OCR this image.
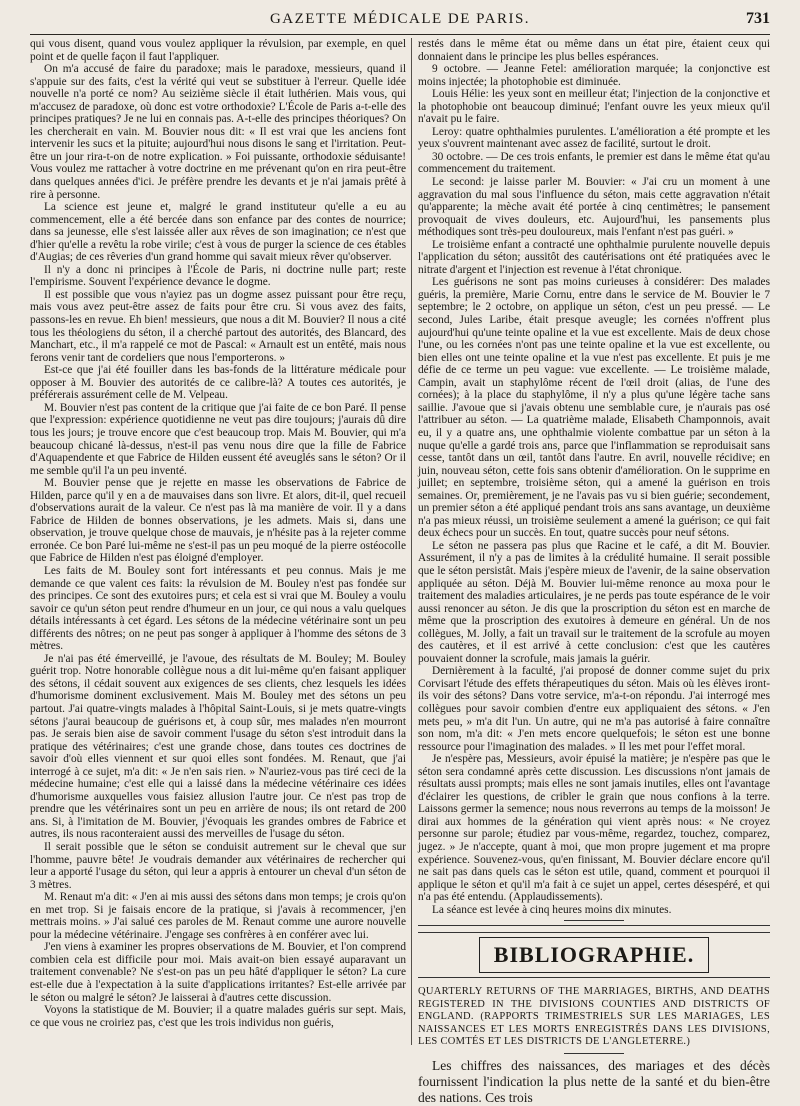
GAZETTE MÉDICALE DE PARIS.	731

qui vous disent, quand vous voulez appliquer la révulsion, par exemple, en quel point et de quelle façon il faut l'appliquer.

On m'a accusé de faire du paradoxe; mais le paradoxe, messieurs, quand il s'appuie sur des faits, c'est la vérité qui veut se substituer à l'erreur. Quelle idée nouvelle n'a porté ce nom? Au seizième siècle il était luthérien. Mais vous, qui m'accusez de paradoxe, où donc est votre orthodoxie? L'École de Paris a-t-elle des principes pratiques? Je ne lui en connais pas. A-t-elle des principes théoriques? On les chercherait en vain. M. Bouvier nous dit: « Il est vrai que les anciens font intervenir les sucs et la pituite; aujourd'hui nous disons le sang et l'irritation. Peut-être un jour rira-t-on de notre explication. » Foi puissante, orthodoxie séduisante! Vous voulez me rattacher à votre doctrine en me prévenant qu'on en rira peut-être dans quelques années d'ici. Je préfère prendre les devants et je n'ai jamais prêté à rire à personne.

La science est jeune et, malgré le grand instituteur qu'elle a eu au commencement, elle a été bercée dans son enfance par des contes de nourrice; dans sa jeunesse, elle s'est laissée aller aux rêves de son imagination; ce n'est que d'hier qu'elle a revêtu la robe virile; c'est à vous de purger la science de ces étables d'Augias; de ces rêveries d'un grand homme qui savait mieux rêver qu'observer.

Il n'y a donc ni principes à l'École de Paris, ni doctrine nulle part; reste l'empirisme. Souvent l'expérience devance le dogme.

Il est possible que vous n'ayiez pas un dogme assez puissant pour être reçu, mais vous avez peut-être assez de faits pour être cru. Si vous avez des faits, passons-les en revue. Eh bien! messieurs, que nous a dit M. Bouvier? Il nous a cité tous les théologiens du séton, il a cherché partout des autorités, des Blancard, des Manchart, etc., il m'a rappelé ce mot de Pascal: « Arnault est un entêté, mais nous ferons venir tant de cordeliers que nous l'emporterons. »

Est-ce que j'ai été fouiller dans les bas-fonds de la littérature médicale pour opposer à M. Bouvier des autorités de ce calibre-là? A toutes ces autorités, je préférerais assurément celle de M. Velpeau.

M. Bouvier n'est pas content de la critique que j'ai faite de ce bon Paré. Il pense que l'expression: expérience quotidienne ne veut pas dire toujours; j'aurais dû dire tous les jours; je trouve encore que c'est beaucoup trop. Mais M. Bouvier, qui m'a beaucoup chicané là-dessus, n'est-il pas venu nous dire que la fille de Fabrice d'Aquapendente et que Fabrice de Hilden eussent été aveuglés sans le séton? Or il me semble qu'il l'a un peu inventé.

M. Bouvier pense que je rejette en masse les observations de Fabrice de Hilden, parce qu'il y en a de mauvaises dans son livre. Et alors, dit-il, quel recueil d'observations aurait de la valeur. Ce n'est pas là ma manière de voir. Il y a dans Fabrice de Hilden de bonnes observations, je les admets. Mais si, dans une observation, je trouve quelque chose de mauvais, je n'hésite pas à la rejeter comme erronée. Ce bon Paré lui-même ne s'est-il pas un peu moqué de la pierre ostéocolle que Fabrice de Hilden n'est pas éloigné d'employer.

Les faits de M. Bouley sont fort intéressants et peu connus. Mais je me demande ce que valent ces faits: la révulsion de M. Bouley n'est pas fondée sur des principes. Ce sont des exutoires purs; et cela est si vrai que M. Bouley a voulu savoir ce qu'un séton peut rendre d'humeur en un jour, ce qui nous a valu quelques détails intéressants à cet égard. Les sétons de la médecine vétérinaire sont un peu différents des nôtres; on ne peut pas songer à appliquer à l'homme des sétons de 3 mètres.

Je n'ai pas été émerveillé, je l'avoue, des résultats de M. Bouley; M. Bouley guérit trop. Notre honorable collègue nous a dit lui-même qu'en faisant appliquer des sétons, il cédait souvent aux exigences de ses clients, chez lesquels les idées d'humorisme dominent exclusivement. Mais M. Bouley met des sétons un peu partout. J'ai quatre-vingts malades à l'hôpital Saint-Louis, si je mets quatre-vingts sétons j'aurai beaucoup de guérisons et, à coup sûr, mes malades n'en mourront pas. Je serais bien aise de savoir comment l'usage du séton s'est introduit dans la pratique des vétérinaires; c'est une grande chose, dans toutes ces doctrines de savoir d'où elles viennent et sur quoi elles sont fondées. M. Renaut, que j'ai interrogé à ce sujet, m'a dit: « Je n'en sais rien. » N'auriez-vous pas tiré ceci de la médecine humaine; c'est elle qui a laissé dans la médecine vétérinaire ces idées d'humorisme auxquelles vous faisiez allusion l'autre jour. Ce n'est pas trop de prendre que les vétérinaires sont un peu en arrière de nous; ils ont retard de 200 ans. Si, à l'imitation de M. Bouvier, j'évoquais les grandes ombres de Fabrice et autres, ils nous raconteraient aussi des merveilles de l'usage du séton.

Il serait possible que le séton se conduisit autrement sur le cheval que sur l'homme, pauvre bête! Je voudrais demander aux vétérinaires de rechercher qui leur a apporté l'usage du séton, qui leur a appris à entourer un cheval d'un séton de 3 mètres.

M. Renaut m'a dit: « J'en ai mis aussi des sétons dans mon temps; je crois qu'on en met trop. Si je faisais encore de la pratique, si j'avais à recommencer, j'en mettrais moins. » J'ai salué ces paroles de M. Renaut comme une aurore nouvelle pour la médecine vétérinaire. J'engage ses confrères à en conférer avec lui.

J'en viens à examiner les propres observations de M. Bouvier, et l'on comprend combien cela est difficile pour moi. Mais avait-on bien essayé auparavant un traitement convenable? Ne s'est-on pas un peu hâté d'appliquer le séton? La cure est-elle due à l'expectation à la suite d'applications irritantes? Est-elle arrivée par le séton ou malgré le séton? Je laisserai à d'autres cette discussion.

Voyons la statistique de M. Bouvier; il a quatre malades guéris sur sept. Mais, ce que vous ne croiriez pas, c'est que les trois individus non guéris,

restés dans le même état ou même dans un état pire, étaient ceux qui donnaient dans le principe les plus belles espérances.

9 octobre. — Jeanne Fetel: amélioration marquée; la conjonctive est moins injectée; la photophobie est diminuée.

Louis Hélie: les yeux sont en meilleur état; l'injection de la conjonctive et la photophobie ont beaucoup diminué; l'enfant ouvre les yeux mieux qu'il n'avait pu le faire.

Leroy: quatre ophthalmies purulentes. L'amélioration a été prompte et les yeux s'ouvrent maintenant avec assez de facilité, surtout le droit.

30 octobre. — De ces trois enfants, le premier est dans le même état qu'au commencement du traitement.

Le second: je laisse parler M. Bouvier: « J'ai cru un moment à une aggravation du mal sous l'influence du séton, mais cette aggravation n'était qu'apparente; la mèche avait été portée à cinq centimètres; le pansement provoquait de vives douleurs, etc. Aujourd'hui, les pansements plus méthodiques sont très-peu douloureux, mais l'enfant n'est pas guéri. »

Le troisième enfant a contracté une ophthalmie purulente nouvelle depuis l'application du séton; aussitôt des cautérisations ont été pratiquées avec le nitrate d'argent et l'injection est revenue à l'état chronique.

Les guérisons ne sont pas moins curieuses à considérer: Des malades guéris, la première, Marie Cornu, entre dans le service de M. Bouvier le 7 septembre; le 2 octobre, on applique un séton, c'est un peu pressé. — Le second, Jules Laribe, était presque aveugle; les cornées n'offrent plus aujourd'hui qu'une teinte opaline et la vue est excellente. Mais de deux chose l'une, ou les cornées n'ont pas une teinte opaline et la vue est excellente, ou bien elles ont une teinte opaline et la vue n'est pas excellente. Et puis je me défie de ce terme un peu vague: vue excellente. — Le troisième malade, Campin, avait un staphylôme récent de l'œil droit (alias, de l'une des cornées); à la place du staphylôme, il n'y a plus qu'une légère tache sans saillie. J'avoue que si j'avais obtenu une semblable cure, je n'aurais pas osé l'attribuer au séton. — La quatrième malade, Elisabeth Champonnois, avait eu, il y a quatre ans, une ophthalmie violente combattue par un séton à la nuque qu'elle a gardé trois ans, parce que l'inflammation se reproduisait sans cesse, tantôt dans un œil, tantôt dans l'autre. En avril, nouvelle récidive; en juin, nouveau séton, cette fois sans obtenir d'amélioration. On le supprime en juillet; en septembre, troisième séton, qui a amené la guérison en trois semaines. Or, premièrement, je ne l'avais pas vu si bien guérie; secondement, un premier séton a été appliqué pendant trois ans sans avantage, un deuxième n'a pas mieux réussi, un troisième seulement a amené la guérison; ce qui fait deux échecs pour un succès. En tout, quatre succès pour neuf sétons.

Le séton ne passera pas plus que Racine et le café, a dit M. Bouvier. Assurément, il n'y a pas de limites à la crédulité humaine. Il serait possible que le séton persistât. Mais j'espère mieux de l'avenir, de la saine observation appliquée au séton. Déjà M. Bouvier lui-même renonce au moxa pour le traitement des maladies articulaires, je ne perds pas toute espérance de le voir aussi renoncer au séton. Je dis que la proscription du séton est en marche de même que la proscription des exutoires à demeure en général. Un de nos collègues, M. Jolly, a fait un travail sur le traitement de la scrofule au moyen des cautères, et il est arrivé à cette conclusion: c'est que les cautères pouvaient donner la scrofule, mais jamais la guérir.

Dernièrement à la faculté, j'ai proposé de donner comme sujet du prix Corvisart l'étude des effets thérapeutiques du séton. Mais où les élèves iront-ils voir des sétons? Dans votre service, m'a-t-on répondu. J'ai interrogé mes collègues pour savoir combien d'entre eux appliquaient des sétons. « J'en mets peu, » m'a dit l'un. Un autre, qui ne m'a pas autorisé à faire connaître son nom, m'a dit: « J'en mets encore quelquefois; le séton est une bonne ressource pour l'imagination des malades. » Il les met pour l'effet moral.

Je n'espère pas, Messieurs, avoir épuisé la matière; je n'espère pas que le séton sera condamné après cette discussion. Les discussions n'ont jamais de résultats aussi prompts; mais elles ne sont jamais inutiles, elles ont l'avantage d'éclairer les questions, de cribler le grain que nous confions à la terre. Laissons germer la semence; nous nous reverrons au temps de la moisson! Je dirai aux hommes de la génération qui vient après nous: « Ne croyez personne sur parole; étudiez par vous-même, regardez, touchez, comparez, jugez. » Je n'accepte, quant à moi, que mon propre jugement et ma propre expérience. Souvenez-vous, qu'en finissant, M. Bouvier déclare encore qu'il ne sait pas dans quels cas le séton est utile, quand, comment et pourquoi il applique le séton et qu'il m'a fait à ce sujet un appel, certes désespéré, et qui n'a pas été entendu. (Applaudissements).

La séance est levée à cinq heures moins dix minutes.

BIBLIOGRAPHIE.

QUARTERLY RETURNS OF THE MARRIAGES, BIRTHS, AND DEATHS REGISTERED IN THE DIVISIONS COUNTIES AND DISTRICTS OF ENGLAND. (RAPPORTS TRIMESTRIELS SUR LES MARIAGES, LES NAISSANCES ET LES MORTS ENREGISTRÉS DANS LES DIVISIONS, LES COMTÉS ET LES DISTRICTS DE L'ANGLETERRE.)

Les chiffres des naissances, des mariages et des décès fournissent l'indication la plus nette de la santé et du bien-être des nations. Ces trois
